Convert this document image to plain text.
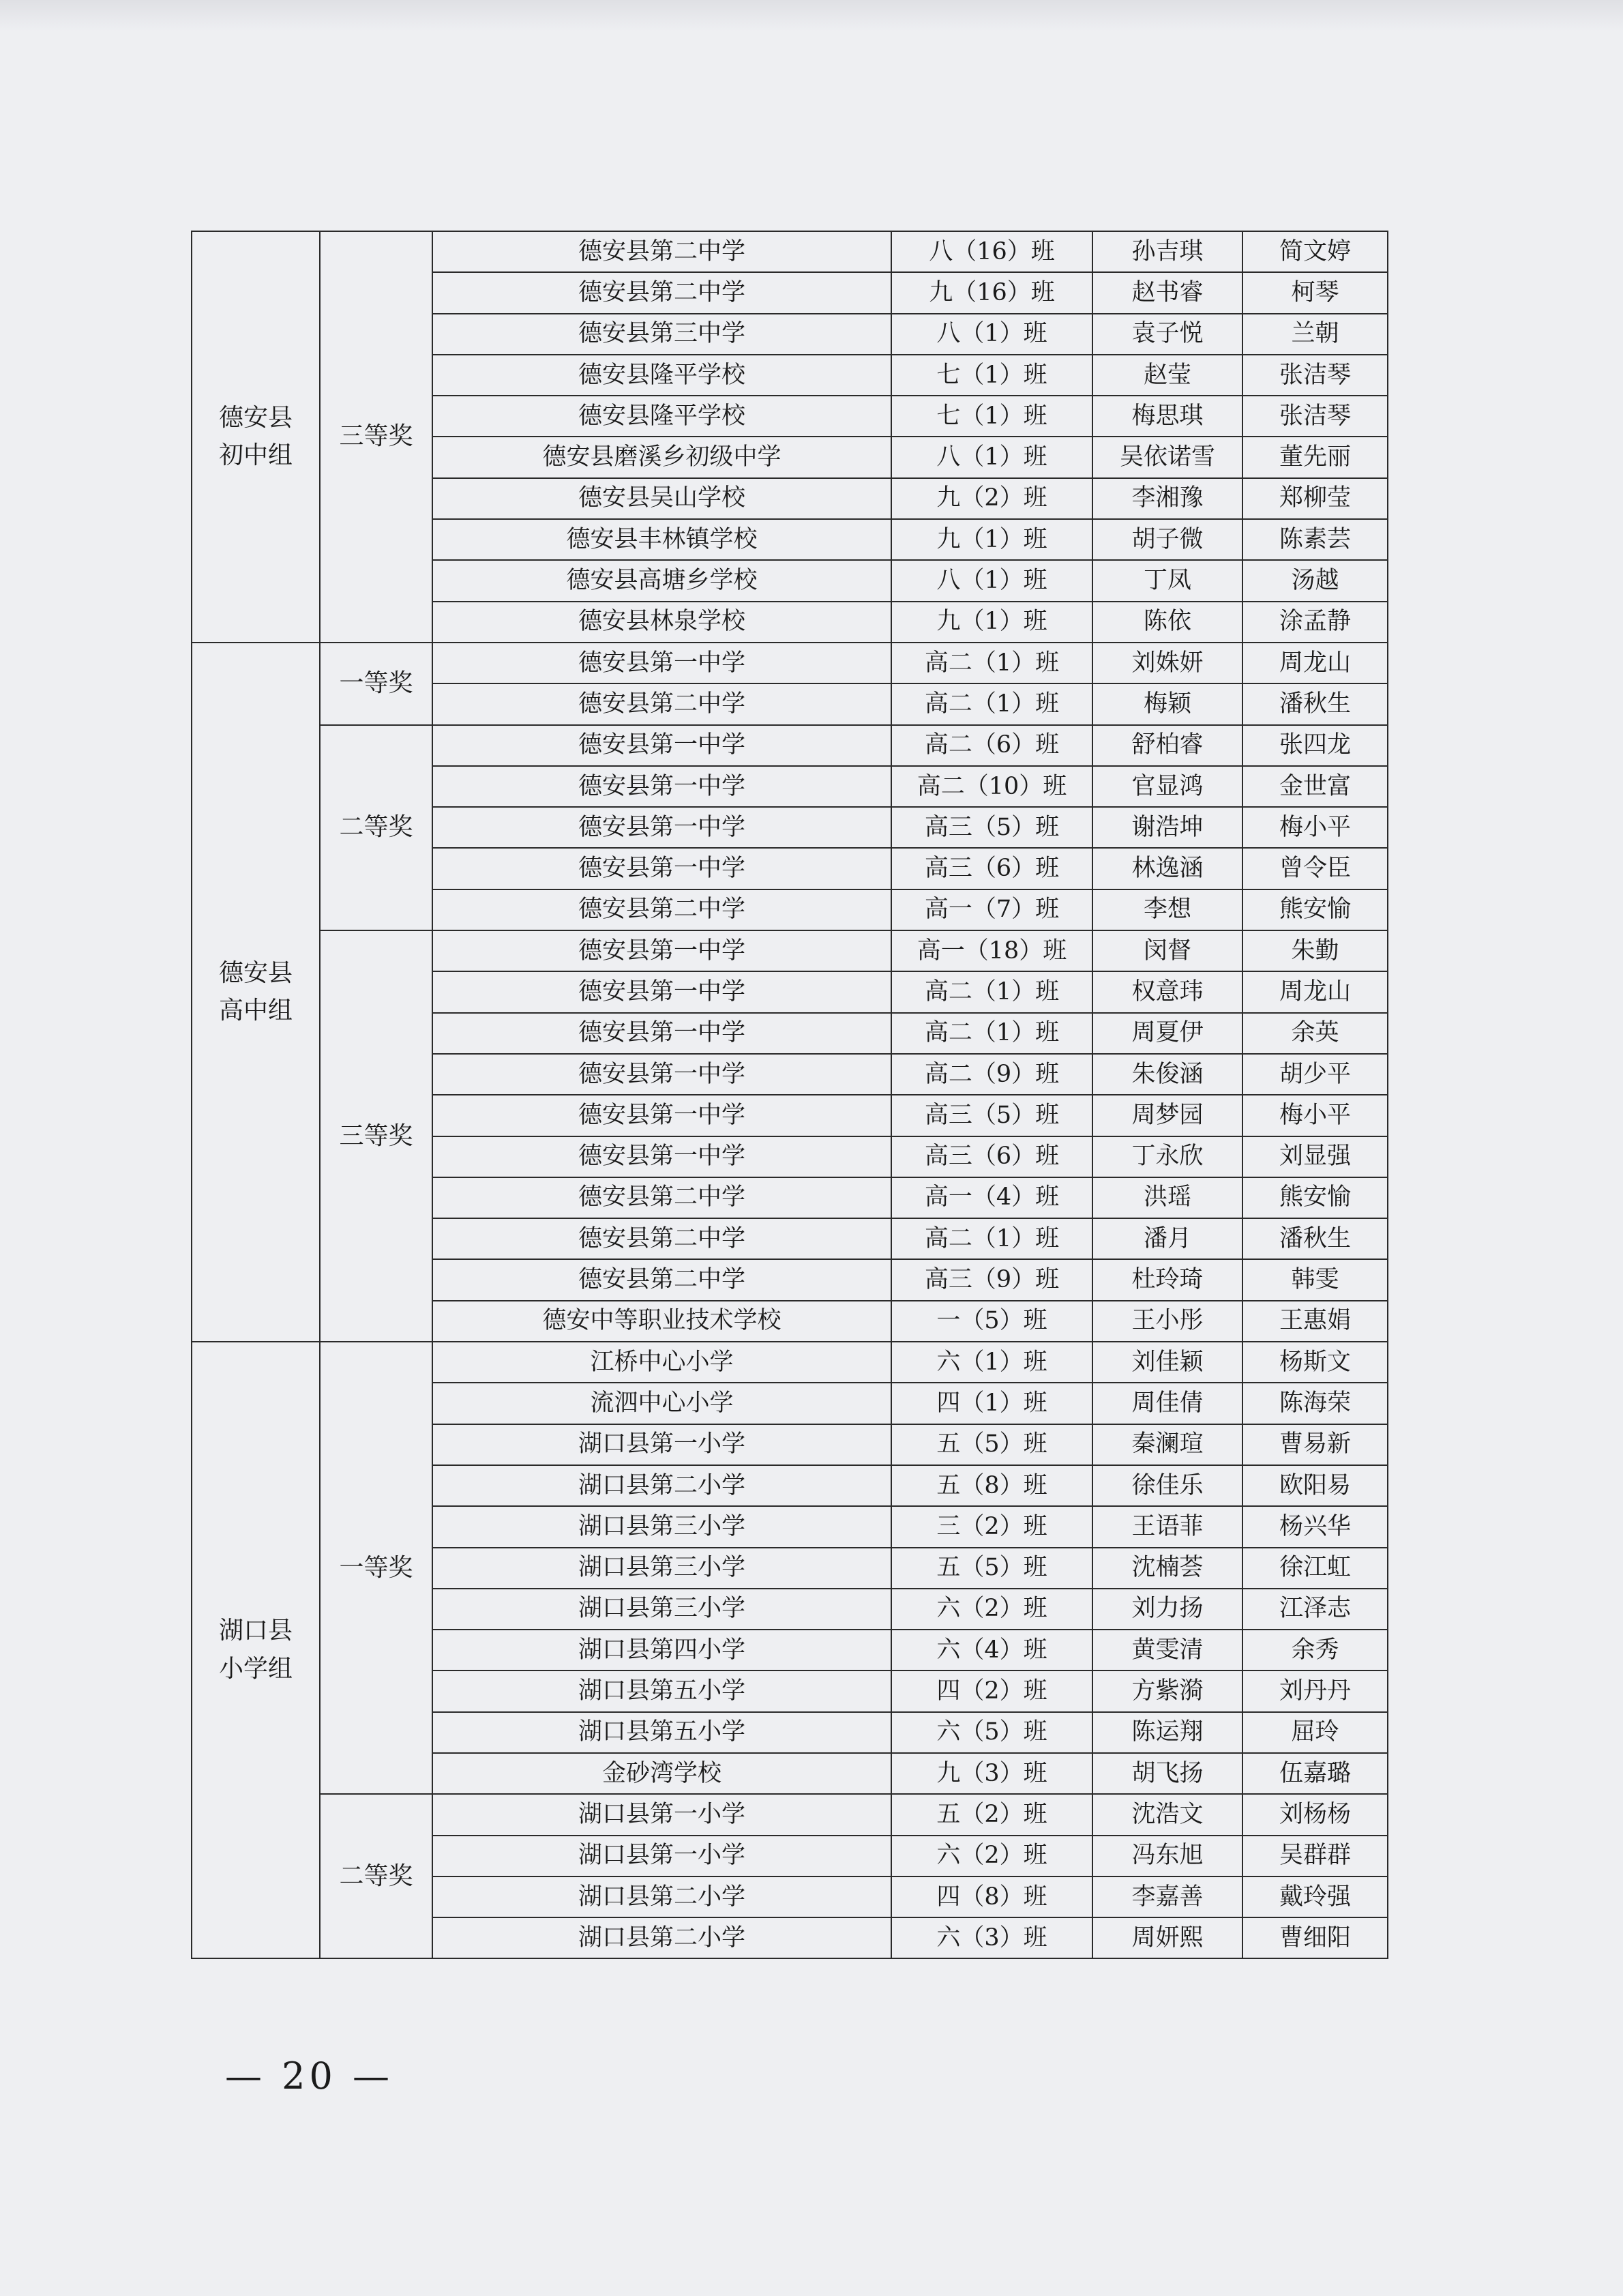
德安县
初中组	三等奖	德安县第二中学	八（16）班	孙吉琪	简文婷
		德安县第二中学	九（16）班	赵书睿	柯琴
		德安县第三中学	八（1）班	袁子悦	兰朝
		德安县隆平学校	七（1）班	赵莹	张洁琴
		德安县隆平学校	七（1）班	梅思琪	张洁琴
		德安县磨溪乡初级中学	八（1）班	吴依诺雪	董先丽
		德安县吴山学校	九（2）班	李湘豫	郑柳莹
		德安县丰林镇学校	九（1）班	胡子微	陈素芸
		德安县高塘乡学校	八（1）班	丁凤	汤越
		德安县林泉学校	九（1）班	陈依	涂孟静

德安县
高中组	一等奖	德安县第一中学	高二（1）班	刘姝妍	周龙山
		德安县第二中学	高二（1）班	梅颖	潘秋生
	二等奖	德安县第一中学	高二（6）班	舒柏睿	张四龙
		德安县第一中学	高二（10）班	官显鸿	金世富
		德安县第一中学	高三（5）班	谢浩坤	梅小平
		德安县第一中学	高三（6）班	林逸涵	曾令臣
		德安县第二中学	高一（7）班	李想	熊安愉
	三等奖	德安县第一中学	高一（18）班	闵督	朱勤
		德安县第一中学	高二（1）班	权意玮	周龙山
		德安县第一中学	高二（1）班	周夏伊	余英
		德安县第一中学	高二（9）班	朱俊涵	胡少平
		德安县第一中学	高三（5）班	周梦园	梅小平
		德安县第一中学	高三（6）班	丁永欣	刘显强
		德安县第二中学	高一（4）班	洪瑶	熊安愉
		德安县第二中学	高二（1）班	潘月	潘秋生
		德安县第二中学	高三（9）班	杜玲琦	韩雯
		德安中等职业技术学校	一（5）班	王小彤	王惠娟

湖口县
小学组	一等奖	江桥中心小学	六（1）班	刘佳颖	杨斯文
		流泗中心小学	四（1）班	周佳倩	陈海荣
		湖口县第一小学	五（5）班	秦澜瑄	曹易新
		湖口县第二小学	五（8）班	徐佳乐	欧阳易
		湖口县第三小学	三（2）班	王语菲	杨兴华
		湖口县第三小学	五（5）班	沈楠荟	徐江虹
		湖口县第三小学	六（2）班	刘力扬	江泽志
		湖口县第四小学	六（4）班	黄雯清	余秀
		湖口县第五小学	四（2）班	方紫漪	刘丹丹
		湖口县第五小学	六（5）班	陈运翔	屈玲
		金砂湾学校	九（3）班	胡飞扬	伍嘉璐
	二等奖	湖口县第一小学	五（2）班	沈浩文	刘杨杨
		湖口县第一小学	六（2）班	冯东旭	吴群群
		湖口县第二小学	四（8）班	李嘉善	戴玲强
		湖口县第二小学	六（3）班	周妍熙	曹细阳
— 20 —
